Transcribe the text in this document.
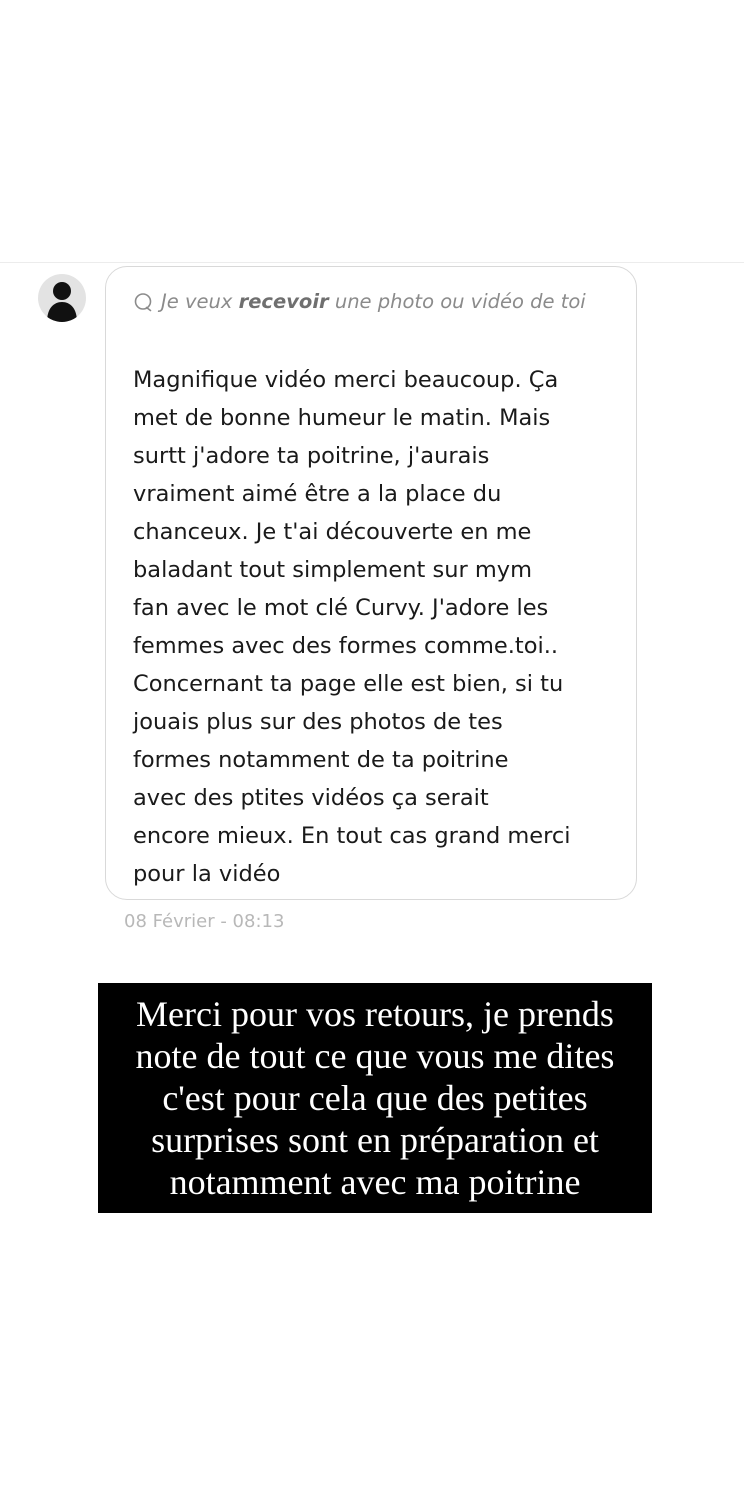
Je veux recevoir une photo ou vidéo de toi
Magnifique vidéo merci beaucoup. Ça
met de bonne humeur le matin. Mais
surtt j'adore ta poitrine, j'aurais
vraiment aimé être a la place du
chanceux. Je t'ai découverte en me
baladant tout simplement sur mym
fan avec le mot clé Curvy. J'adore les
femmes avec des formes comme.toi..
Concernant ta page elle est bien, si tu
jouais plus sur des photos de tes
formes notamment de ta poitrine
avec des ptites vidéos ça serait
encore mieux. En tout cas grand merci
pour la vidéo
08 Février - 08:13
Merci pour vos retours, je prends
note de tout ce que vous me dites
c'est pour cela que des petites
surprises sont en préparation et
notamment avec ma poitrine
